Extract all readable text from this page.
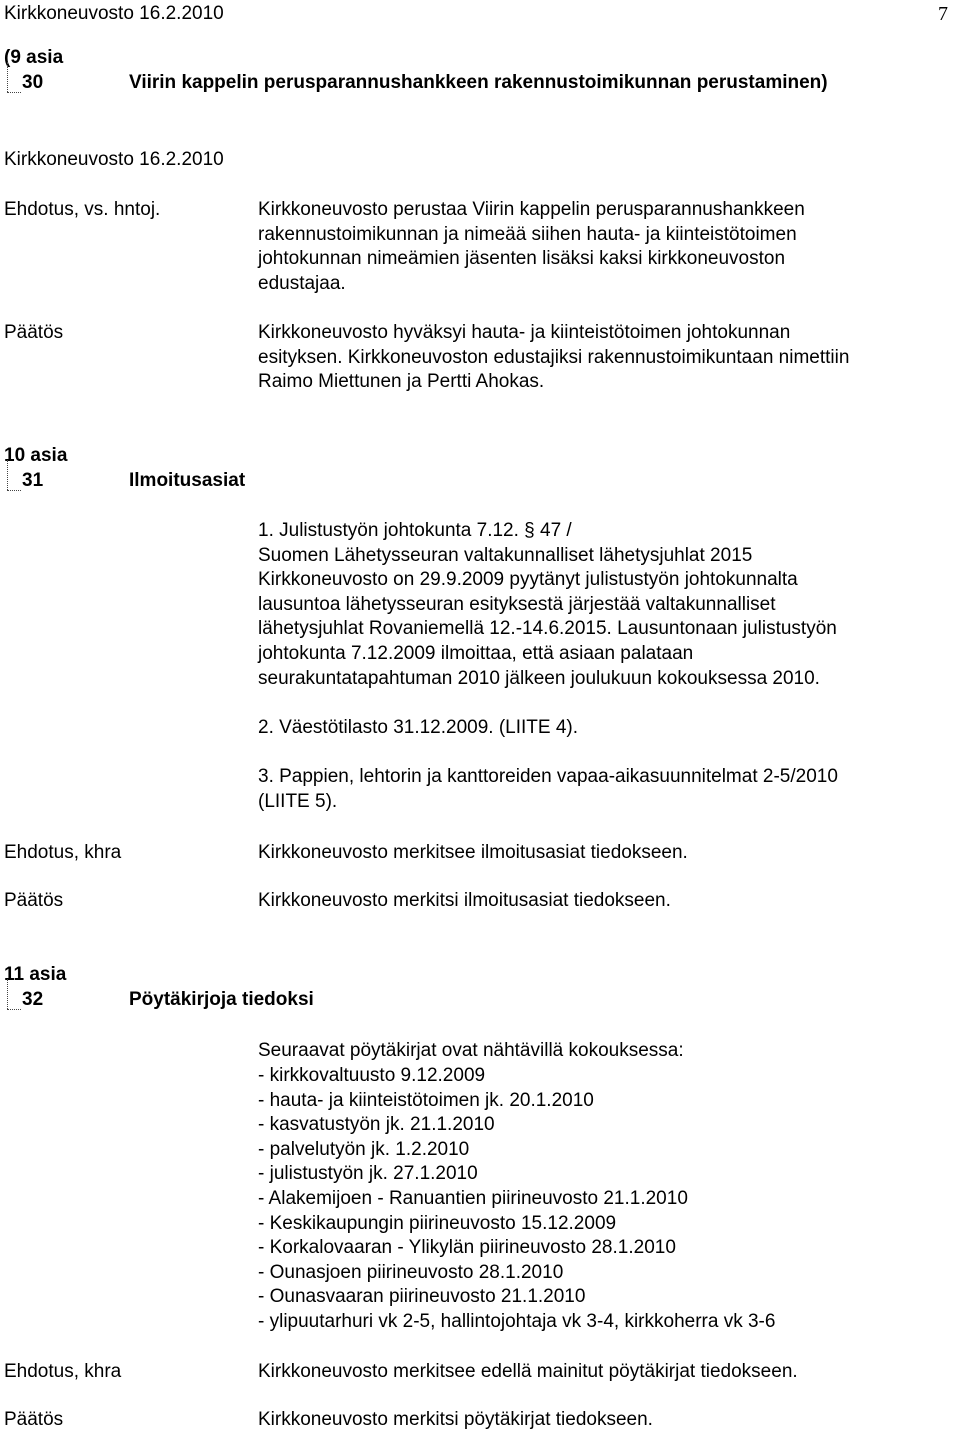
Kirkkoneuvosto 16.2.2010	7
(9 asia
30	Viirin kappelin perusparannushankkeen rakennustoimikunnan perustaminen)
Kirkkoneuvosto 16.2.2010
Ehdotus, vs. hntoj.	Kirkkoneuvosto perustaa Viirin kappelin perusparannushankkeen
rakennustoimikunnan ja nimeää siihen hauta- ja kiinteistötoimen
johtokunnan nimeämien jäsenten lisäksi kaksi kirkkoneuvoston
edustajaa.
Päätös	Kirkkoneuvosto hyväksyi hauta- ja kiinteistötoimen johtokunnan
esityksen. Kirkkoneuvoston edustajiksi rakennustoimikuntaan nimettiin
Raimo Miettunen ja Pertti Ahokas.
10 asia
31	Ilmoitusasiat
1. Julistustyön johtokunta 7.12. § 47 /
Suomen Lähetysseuran valtakunnalliset lähetysjuhlat 2015
Kirkkoneuvosto on 29.9.2009 pyytänyt julistustyön johtokunnalta
lausuntoa lähetysseuran esityksestä järjestää valtakunnalliset
lähetysjuhlat Rovaniemellä 12.-14.6.2015. Lausuntonaan julistustyön
johtokunta 7.12.2009 ilmoittaa, että asiaan palataan
seurakuntatapahtuman 2010 jälkeen joulukuun kokouksessa 2010.
2. Väestötilasto 31.12.2009. (LIITE 4).
3. Pappien, lehtorin ja kanttoreiden vapaa-aikasuunnitelmat 2-5/2010
(LIITE 5).
Ehdotus, khra	Kirkkoneuvosto merkitsee ilmoitusasiat tiedokseen.
Päätös	Kirkkoneuvosto merkitsi ilmoitusasiat tiedokseen.
11 asia
32	Pöytäkirjoja tiedoksi
Seuraavat pöytäkirjat ovat nähtävillä kokouksessa:
- kirkkovaltuusto 9.12.2009
- hauta- ja kiinteistötoimen jk. 20.1.2010
- kasvatustyön jk. 21.1.2010
- palvelutyön jk. 1.2.2010
- julistustyön jk. 27.1.2010
- Alakemijoen - Ranuantien piirineuvosto 21.1.2010
- Keskikaupungin piirineuvosto 15.12.2009
- Korkalovaaran - Ylikylän piirineuvosto 28.1.2010
- Ounasjoen piirineuvosto 28.1.2010
- Ounasvaaran piirineuvosto 21.1.2010
- ylipuutarhuri vk 2-5, hallintojohtaja vk 3-4, kirkkoherra vk 3-6
Ehdotus, khra	Kirkkoneuvosto merkitsee edellä mainitut pöytäkirjat tiedokseen.
Päätös	Kirkkoneuvosto merkitsi pöytäkirjat tiedokseen.
